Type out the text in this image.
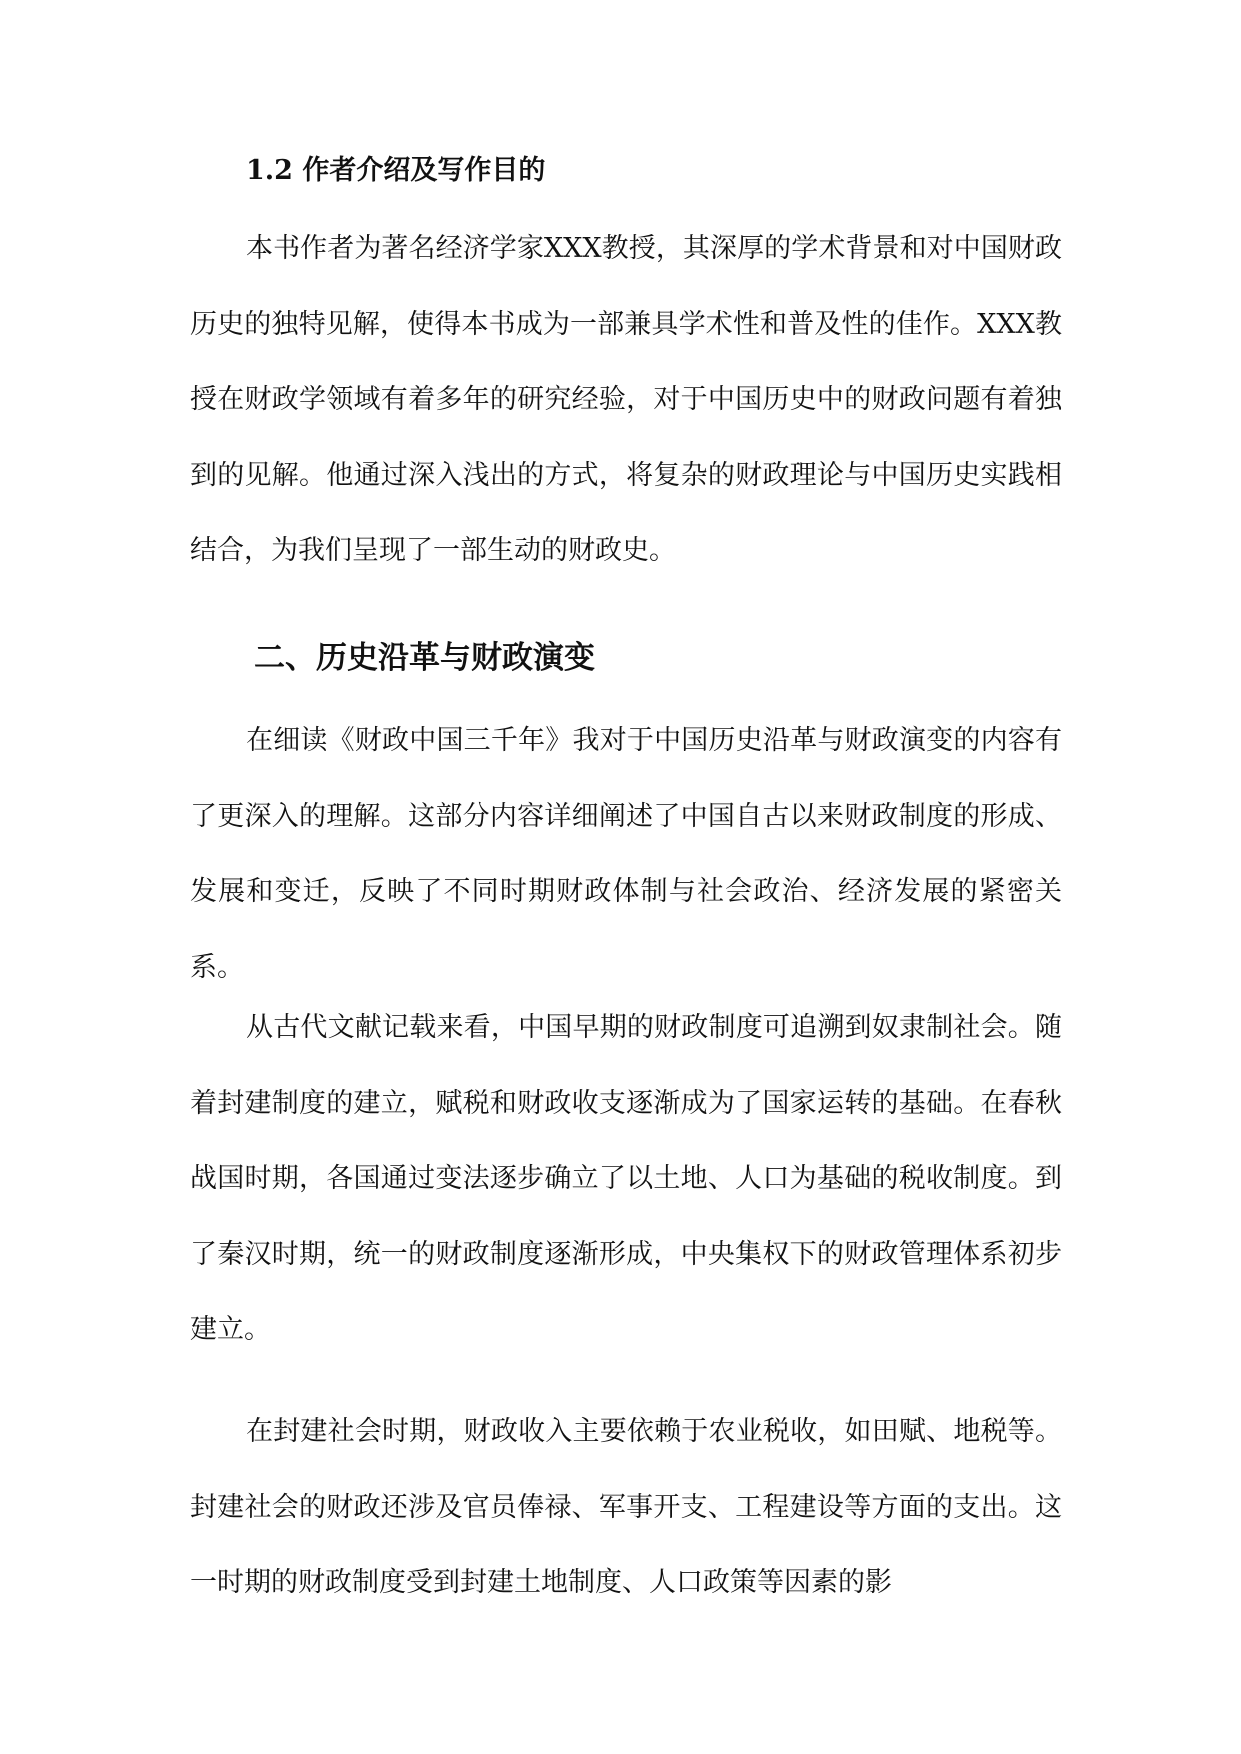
1.2 作者介绍及写作目的

本书作者为著名经济学家XXX教授，其深厚的学术背景和对中国财政历史的独特见解，使得本书成为一部兼具学术性和普及性的佳作。XXX教授在财政学领域有着多年的研究经验，对于中国历史中的财政问题有着独到的见解。他通过深入浅出的方式，将复杂的财政理论与中国历史实践相结合，为我们呈现了一部生动的财政史。

二、历史沿革与财政演变

在细读《财政中国三千年》我对于中国历史沿革与财政演变的内容有了更深入的理解。这部分内容详细阐述了中国自古以来财政制度的形成、发展和变迁，反映了不同时期财政体制与社会政治、经济发展的紧密关系。

从古代文献记载来看，中国早期的财政制度可追溯到奴隶制社会。随着封建制度的建立，赋税和财政收支逐渐成为了国家运转的基础。在春秋战国时期，各国通过变法逐步确立了以土地、人口为基础的税收制度。到了秦汉时期，统一的财政制度逐渐形成，中央集权下的财政管理体系初步建立。

在封建社会时期，财政收入主要依赖于农业税收，如田赋、地税等。封建社会的财政还涉及官员俸禄、军事开支、工程建设等方面的支出。这一时期的财政制度受到封建土地制度、人口政策等因素的影
